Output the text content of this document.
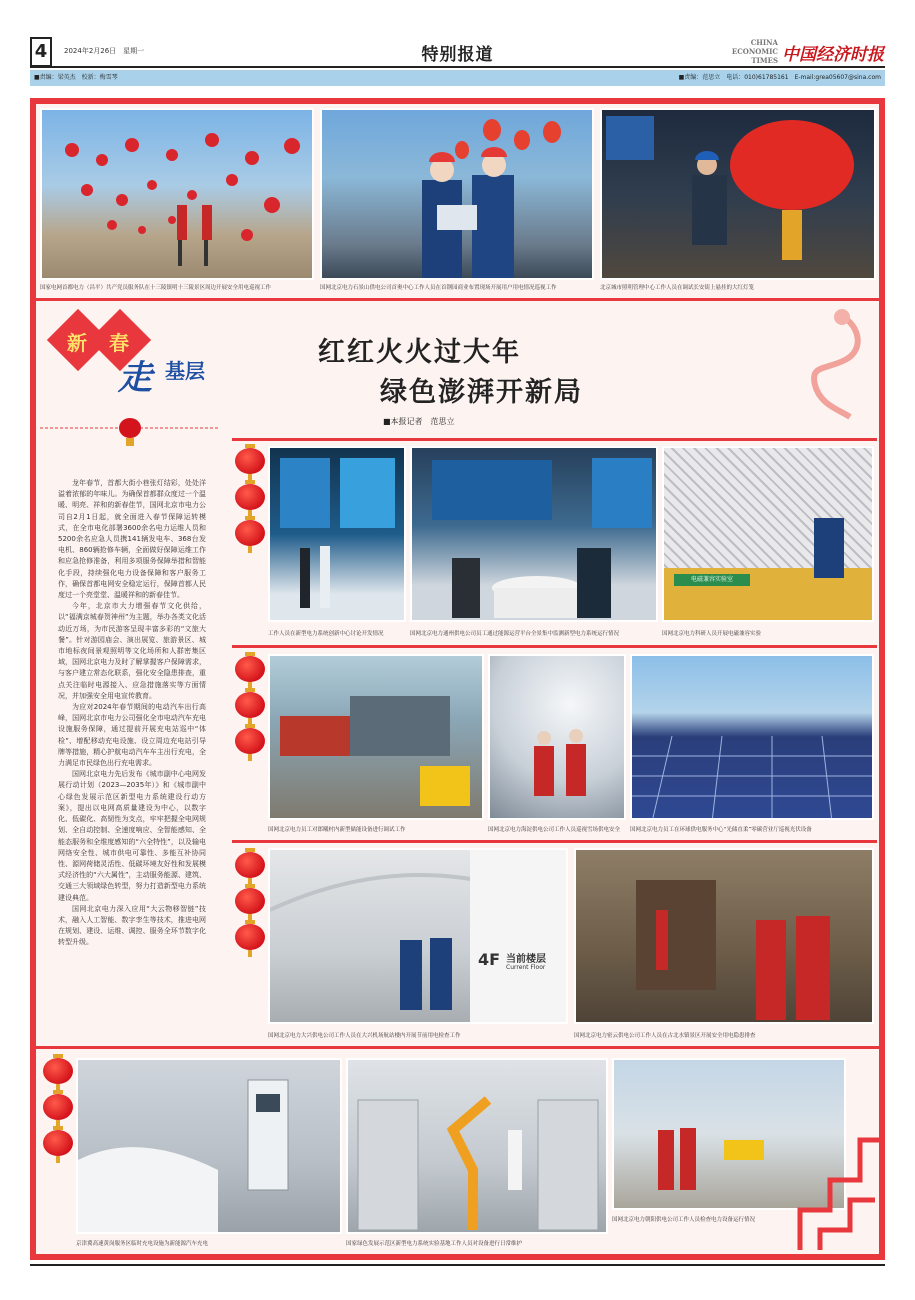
4	2024年2月26日　星期一	特别报道
CHINA ECONOMIC TIMES 中国经济时报
■责编：梁英杰　校新：梅雪琴	■责编：范思立　电话：010)61785161　E-mail:grea05607@sina.com
国家电网首都电力（昌平）共产党员服务队在十三陵镇明十三陵景区周边开展安全用电巡视工作	国网北京电力石景山供电公司首奥中心工作人员在首钢园商业布置现场开展用户用电情况巡视工作	北京城市照明管理中心工作人员在调试长安街上悬挂的大红灯笼
新 春
走 基层
红红火火过大年
绿色澎湃开新局
■本报记者　范思立

龙年春节，首都大街小巷张灯结彩，处处洋溢着浓郁的年味儿。为确保首都群众度过一个温暖、明亮、祥和的新春佳节，国网北京市电力公司自2月1日起，就全面进入春节保障运转模式，在全市电化部署3600余名电力运维人员和5200余名应急人员携141辆发电车、368台发电机、860辆抢修车辆，全面做好保障运维工作和应急抢修准备，利用多项服务保障举措和智能化手段，持续强化电力设备保障和客户服务工作，确保首都电网安全稳定运行，保障首都人民度过一个亮堂堂、温暖祥和的新春佳节。

今年，北京市大力增强春节文化供给，以“福满京城春贺神州”为主题，举办各类文化活动近万场，为市民游客呈现丰富多彩的“文旅大餐”。针对游园庙会、演出展览、旅游景区、城市地标夜间景观照明等文化场所和人群密集区域，国网北京电力及时了解掌握客户保障需求，与客户建立常态化联系，强化安全隐患排查，重点关注临时电源接入、应急措施落实等方面情况，并加强安全用电宣传教育。

为应对2024年春节期间的电动汽车出行高峰，国网北京市电力公司强化全市电动汽车充电设施服务保障，通过提前开展充电站巡中“体检”、增配移动充电设施、设立周边充电站引导牌等措施，精心护航电动汽车车主出行充电，全力满足市民绿色出行充电需求。

国网北京电力先后发布《城市副中心电网发展行动计划（2023—2035年）》和《城市副中心绿色发展示范区新型电力系统建设行动方案》，提出以电网高质量建设为中心，以数字化、低碳化、高韧性为支点，牢牢把握全电网规划、全自动控制、全速度响应、全智能感知、全能态服务和全维度感知的“六全特性”，以及输电网络安全性、城市供电可靠性、多能互补协同性、源网荷储灵活性、低碳环境友好性和发展模式经济性的“六大属性”，主动服务能源、建筑、交通三大领域绿色转型，努力打造新型电力系统建设典范。

国网北京电力深入应用“大云物移智链”技术，融入人工智能、数字孪生等技术，推进电网在规划、建设、运维、调控、服务全环节数字化转型升级。

电磁兼容实验室
工作人员在新型电力系统创新中心讨论开发情况	国网北京电力通州供电公司员工通过能源运营平台全景集中监测新型电力系统运行情况	国网北京电力科研人员开展电磁兼容实验
国网北京电力员工对郎曦村内新型储能设备进行调试工作	国网北京电力海淀供电公司工作人员巡视雪场供电安全	国网北京电力员工在环球供电服务中心“光储直柔”零碳营业厅巡视光伏设备
4F 当前楼层
Current Floor
国网北京电力大兴供电公司工作人员在大兴机场航站楼内开展节前用电检查工作	国网北京电力密云供电公司工作人员在古北水镇景区开展安全用电隐患排查
京津冀高速黄岗服务区临时充电设施为新能源汽车充电	国家绿色发展示范区新型电力系统实验基地工作人员对设备进行日常维护
国网北京电力朝阳供电公司工作人员检查电力设备运行情况
